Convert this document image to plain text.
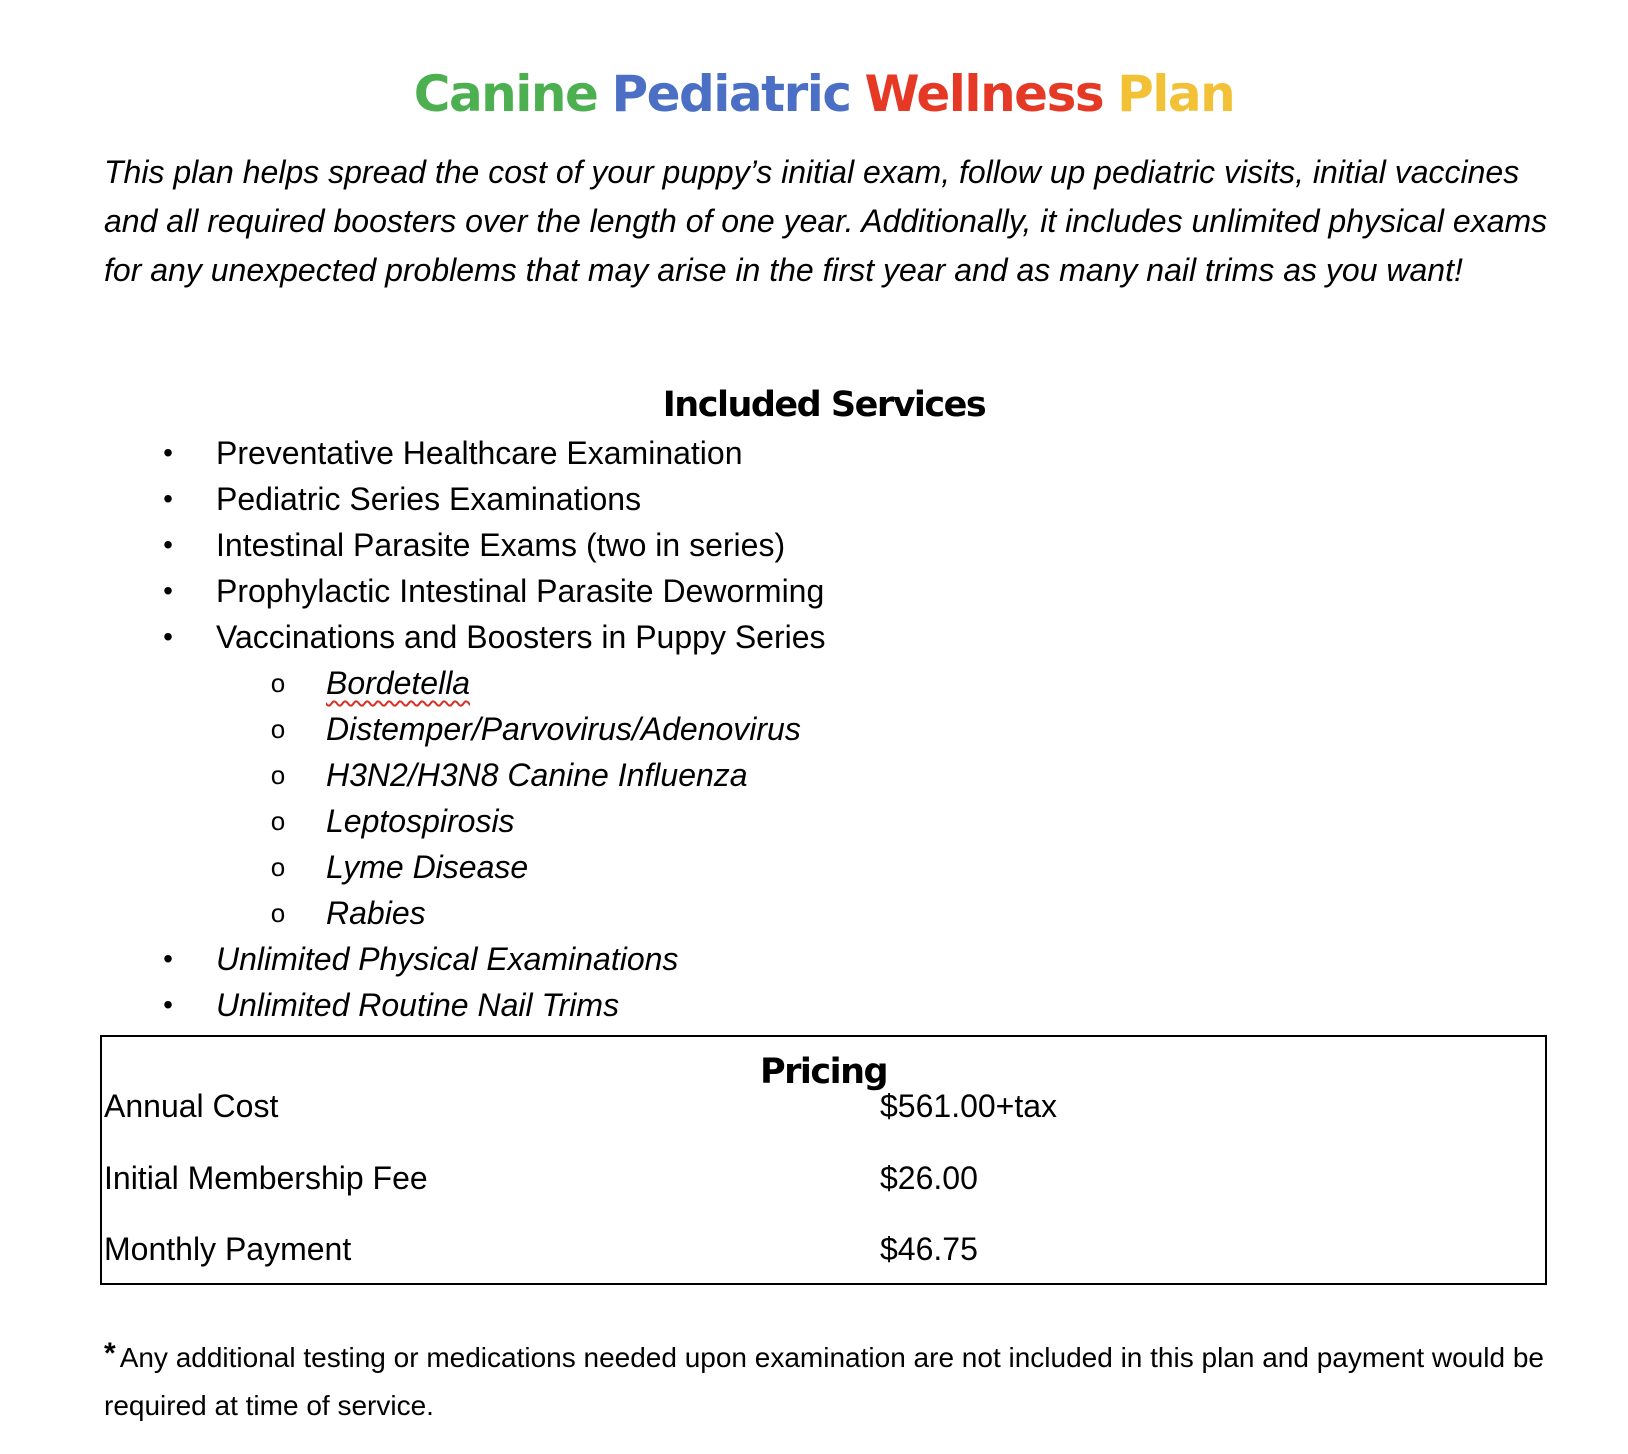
Canine Pediatric Wellness Plan

This plan helps spread the cost of your puppy’s initial exam, follow up pediatric visits, initial vaccines and all required boosters over the length of one year. Additionally, it includes unlimited physical exams for any unexpected problems that may arise in the first year and as many nail trims as you want!

Included Services
• Preventative Healthcare Examination
• Pediatric Series Examinations
• Intestinal Parasite Exams (two in series)
• Prophylactic Intestinal Parasite Deworming
• Vaccinations and Boosters in Puppy Series
o Bordetella
o Distemper/Parvovirus/Adenovirus
o H3N2/H3N8 Canine Influenza
o Leptospirosis
o Lyme Disease
o Rabies
• Unlimited Physical Examinations
• Unlimited Routine Nail Trims
Pricing
Annual Cost	$561.00+tax
Initial Membership Fee	$26.00
Monthly Payment	$46.75

* Any additional testing or medications needed upon examination are not included in this plan and payment would be required at time of service.
